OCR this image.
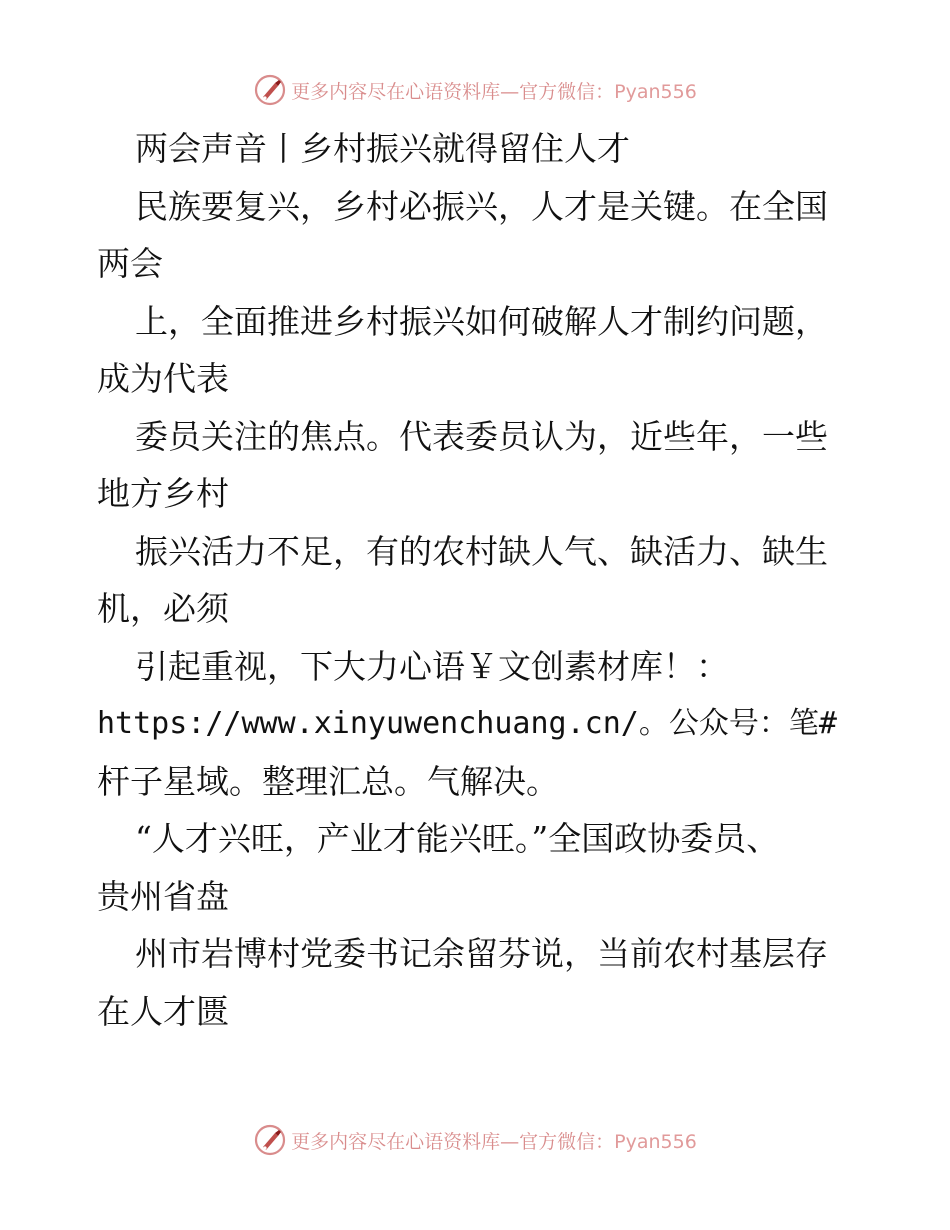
更多内容尽在心语资料库—官方微信：Pyan556
两会声音丨乡村振兴就得留住人才
民族要复兴，乡村必振兴，人才是关键。在全国
两会
上，全面推进乡村振兴如何破解人才制约问题，
成为代表
委员关注的焦点。代表委员认为，近些年，一些
地方乡村
振兴活力不足，有的农村缺人气、缺活力、缺生
机，必须
引起重视，下大力心语￥文创素材库！：
https://www.xinyuwenchuang.cn/。公众号：笔#
杆子星域。整理汇总。气解决。
“人才兴旺，产业才能兴旺。”全国政协委员、
贵州省盘
州市岩博村党委书记余留芬说，当前农村基层存
在人才匮
更多内容尽在心语资料库—官方微信：Pyan556
